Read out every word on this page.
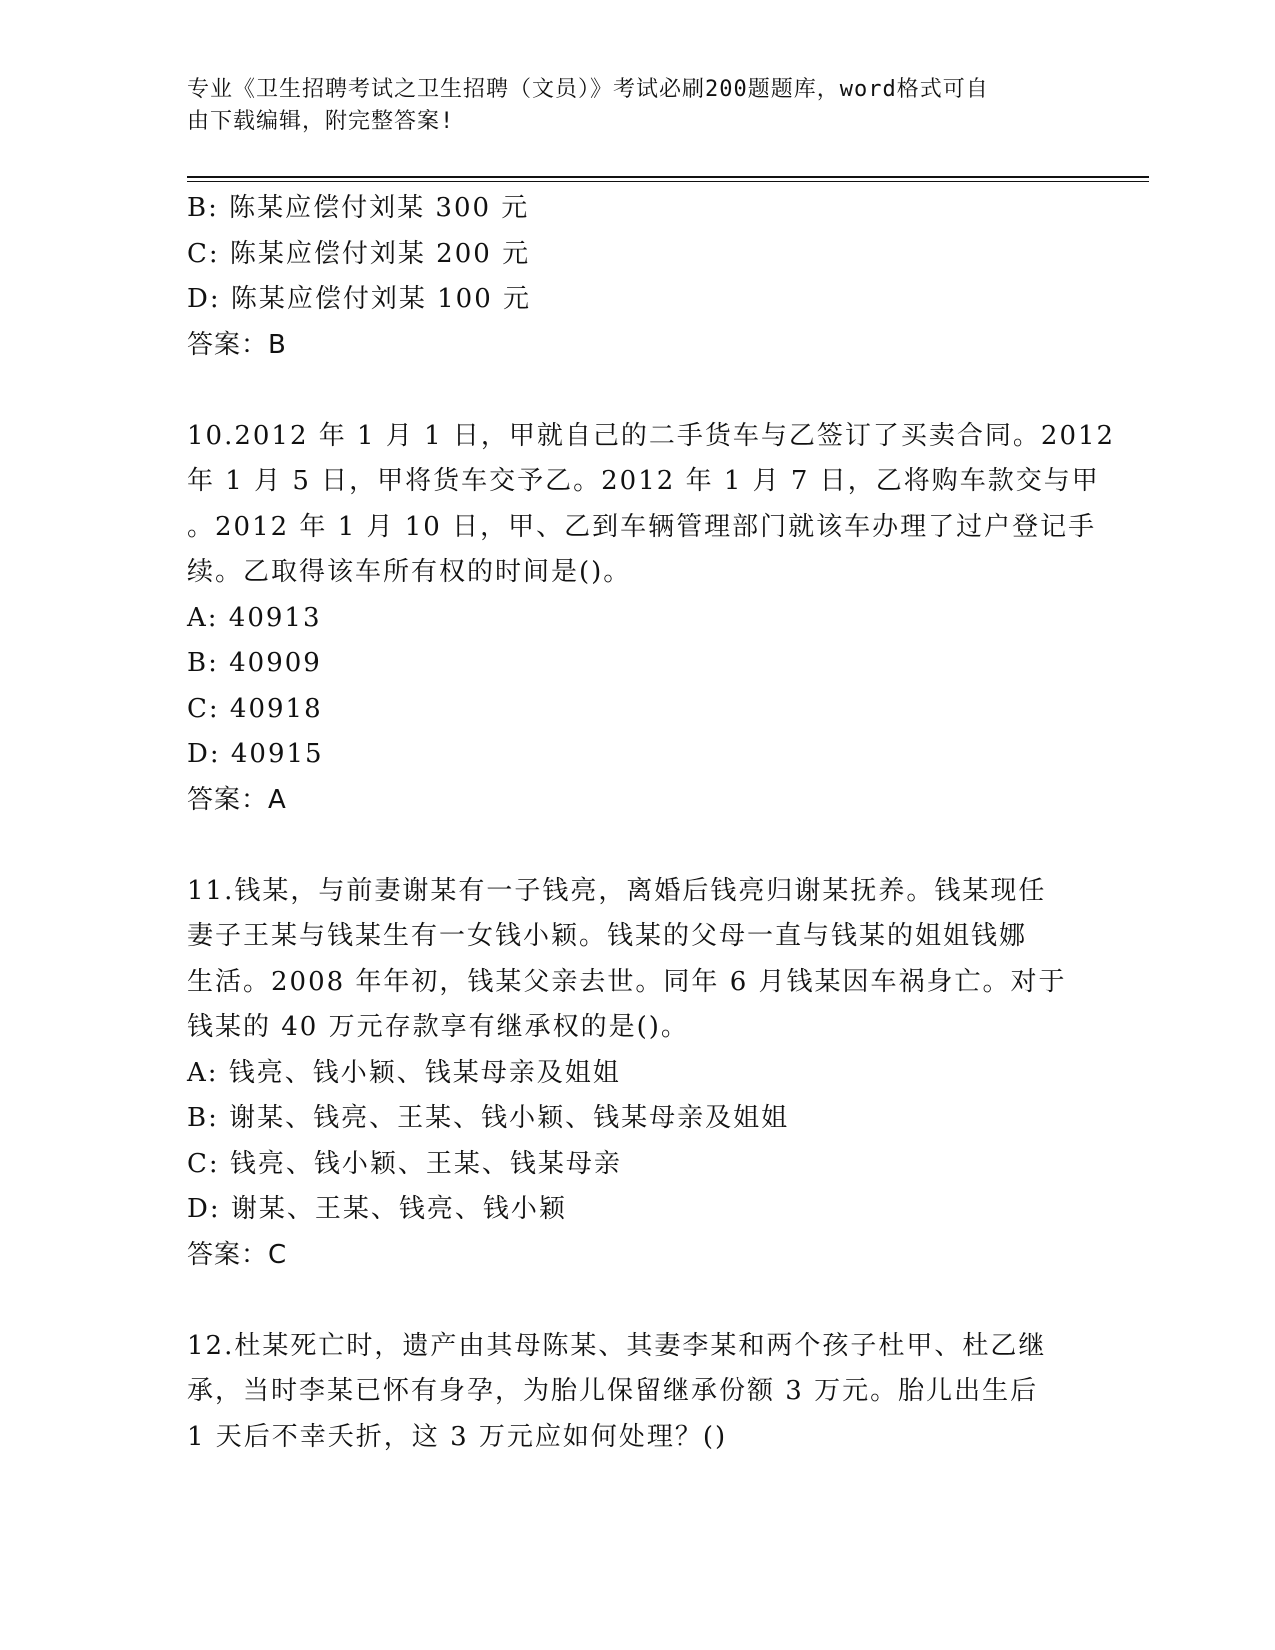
专业《卫生招聘考试之卫生招聘（文员）》考试必刷200题题库，word格式可自
由下载编辑，附完整答案!
B: 陈某应偿付刘某 300 元
C: 陈某应偿付刘某 200 元
D: 陈某应偿付刘某 100 元
答案：B
10.2012 年 1 月 1 日，甲就自己的二手货车与乙签订了买卖合同。2012
年 1 月 5 日，甲将货车交予乙。2012 年 1 月 7 日，乙将购车款交与甲
。2012 年 1 月 10 日，甲、乙到车辆管理部门就该车办理了过户登记手
续。乙取得该车所有权的时间是()。
A: 40913
B: 40909
C: 40918
D: 40915
答案：A
11.钱某，与前妻谢某有一子钱亮，离婚后钱亮归谢某抚养。钱某现任
妻子王某与钱某生有一女钱小颖。钱某的父母一直与钱某的姐姐钱娜
生活。2008 年年初，钱某父亲去世。同年 6 月钱某因车祸身亡。对于
钱某的 40 万元存款享有继承权的是()。
A: 钱亮、钱小颖、钱某母亲及姐姐
B: 谢某、钱亮、王某、钱小颖、钱某母亲及姐姐
C: 钱亮、钱小颖、王某、钱某母亲
D: 谢某、王某、钱亮、钱小颖
答案：C
12.杜某死亡时，遗产由其母陈某、其妻李某和两个孩子杜甲、杜乙继
承，当时李某已怀有身孕，为胎儿保留继承份额 3 万元。胎儿出生后
1 天后不幸夭折，这 3 万元应如何处理？()
